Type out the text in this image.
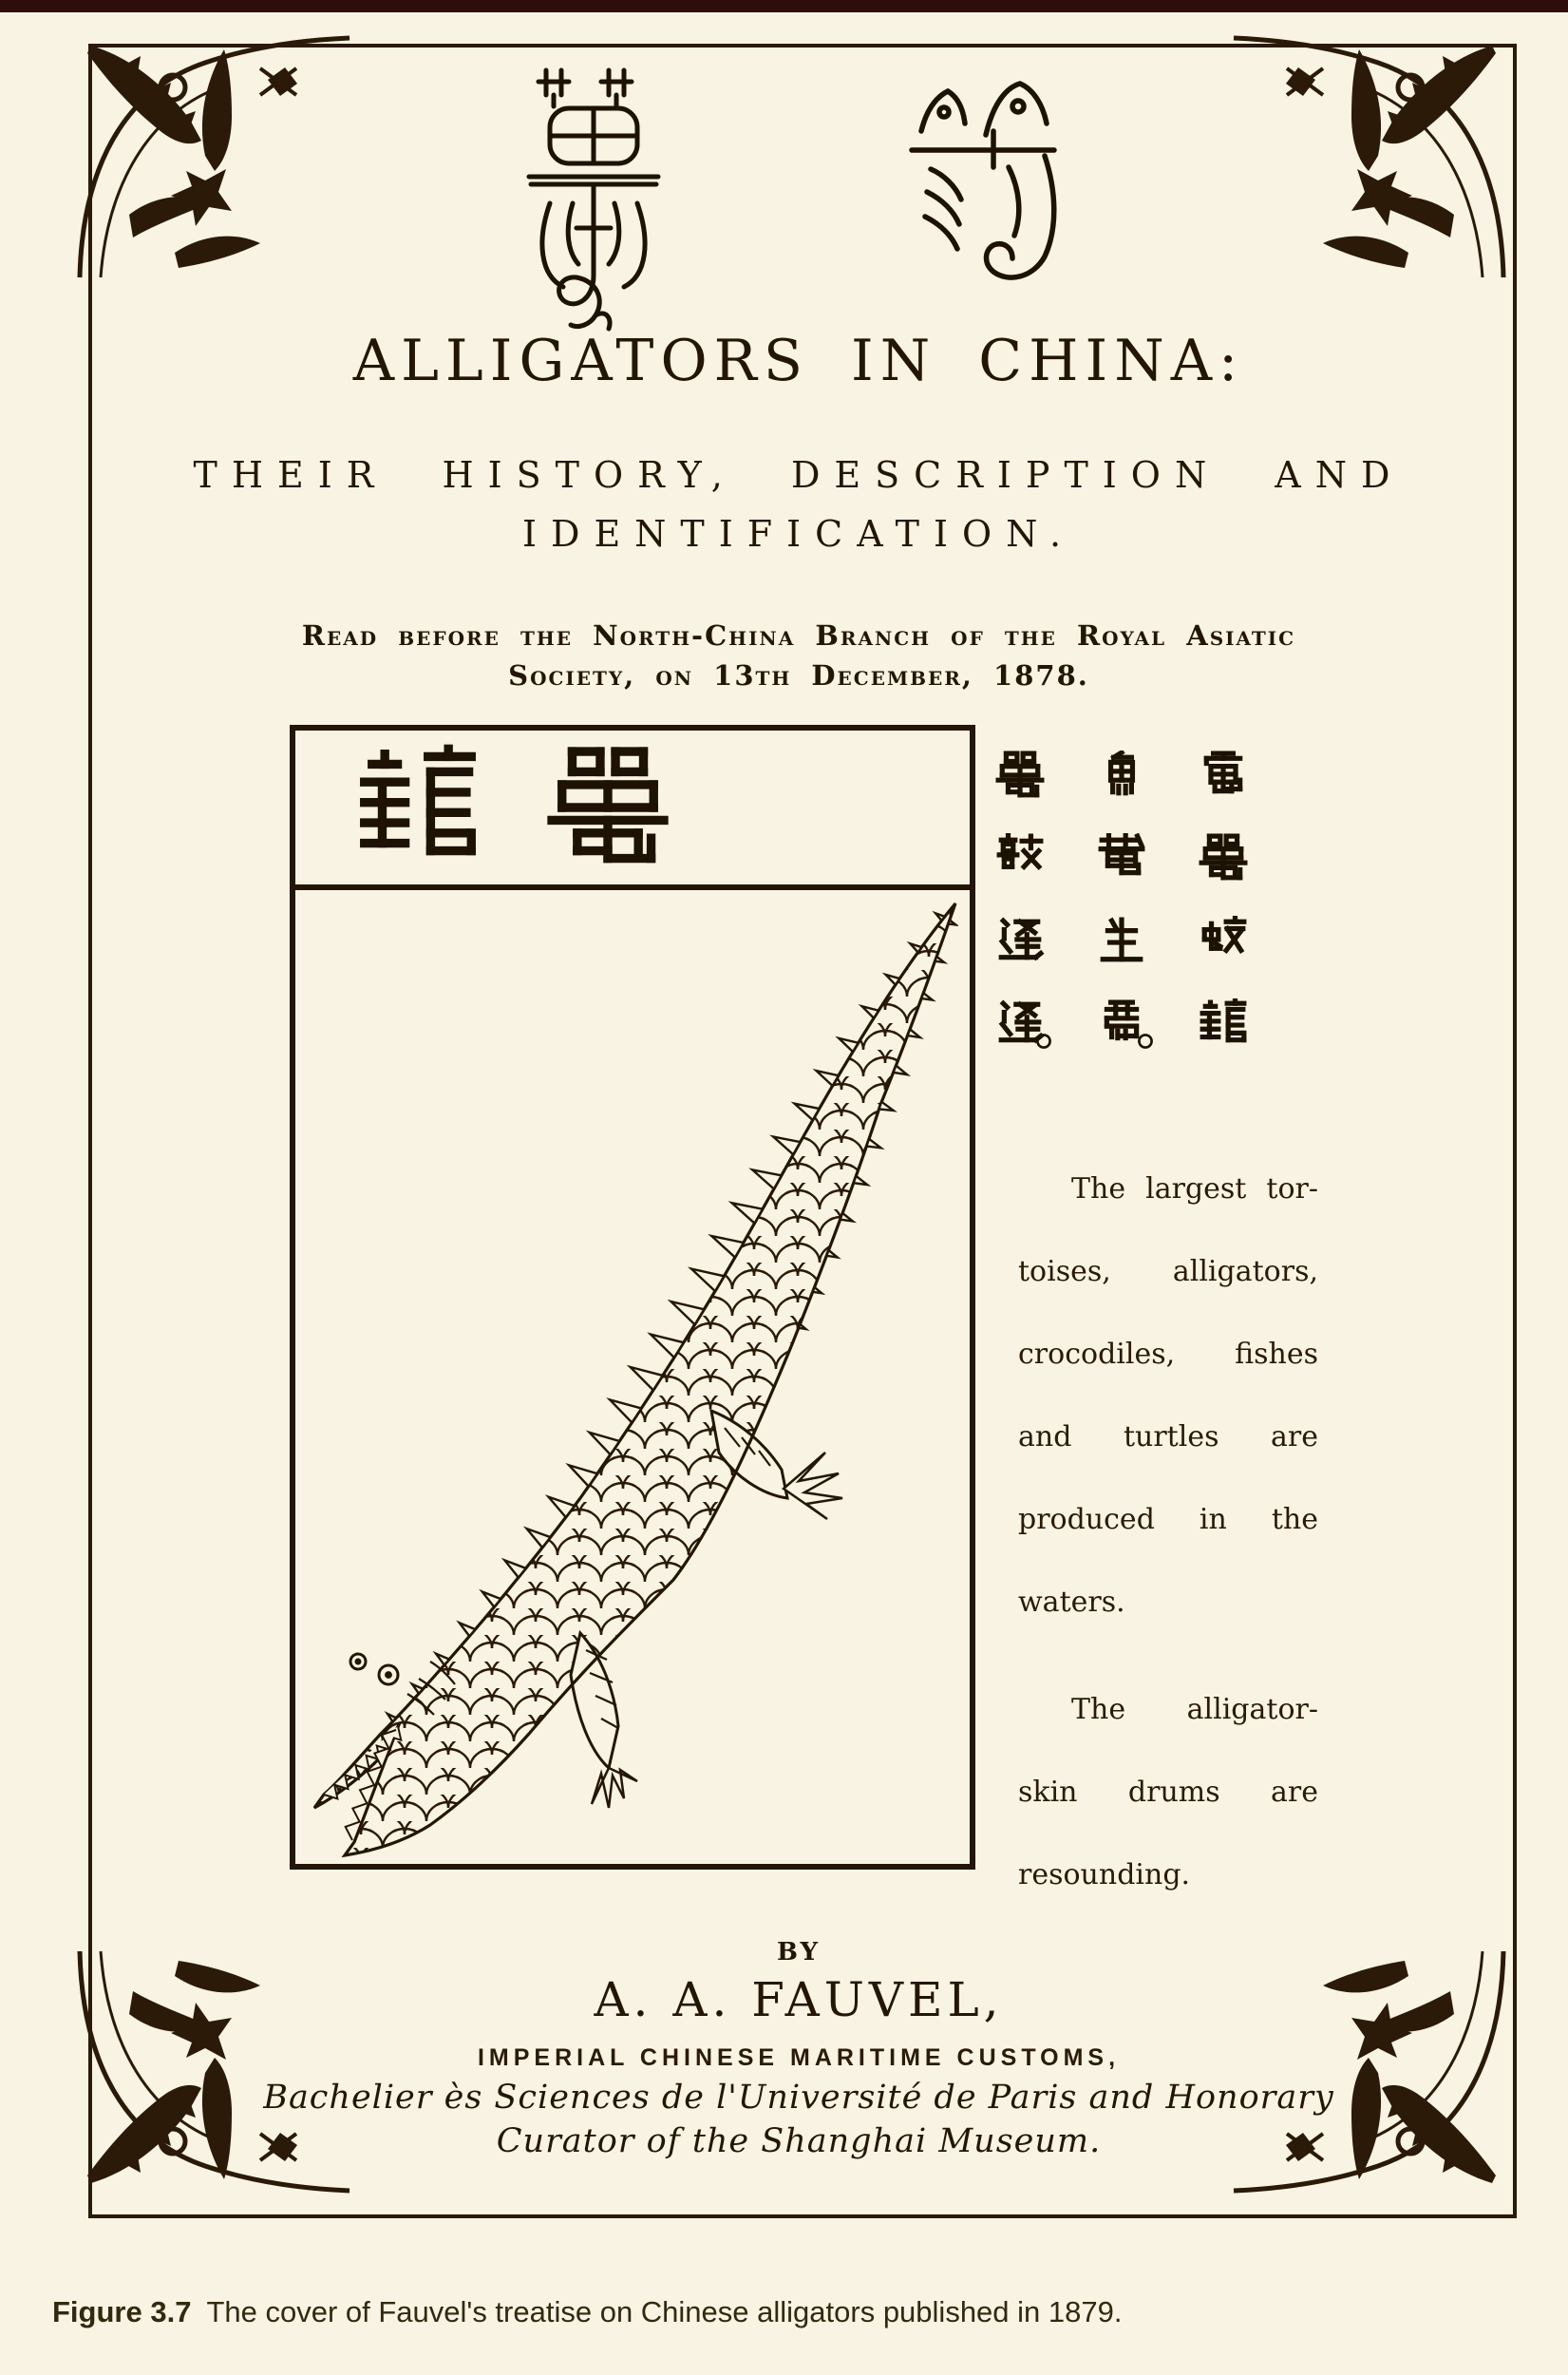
ALLIGATORS IN CHINA:
THEIR HISTORY, DESCRIPTION AND
IDENTIFICATION.
Read before the North-China Branch of the Royal Asiatic
Society, on 13th December, 1878.
The largest tor-
toises, alligators,
crocodiles, fishes
and turtles are
produced in the
waters.
The alligator-
skin drums are
resounding.
BY
A. A. FAUVEL,
IMPERIAL CHINESE MARITIME CUSTOMS,
Bachelier ès Sciences de l'Université de Paris and Honorary
Curator of the Shanghai Museum.
Figure 3.7 The cover of Fauvel's treatise on Chinese alligators published in 1879.
